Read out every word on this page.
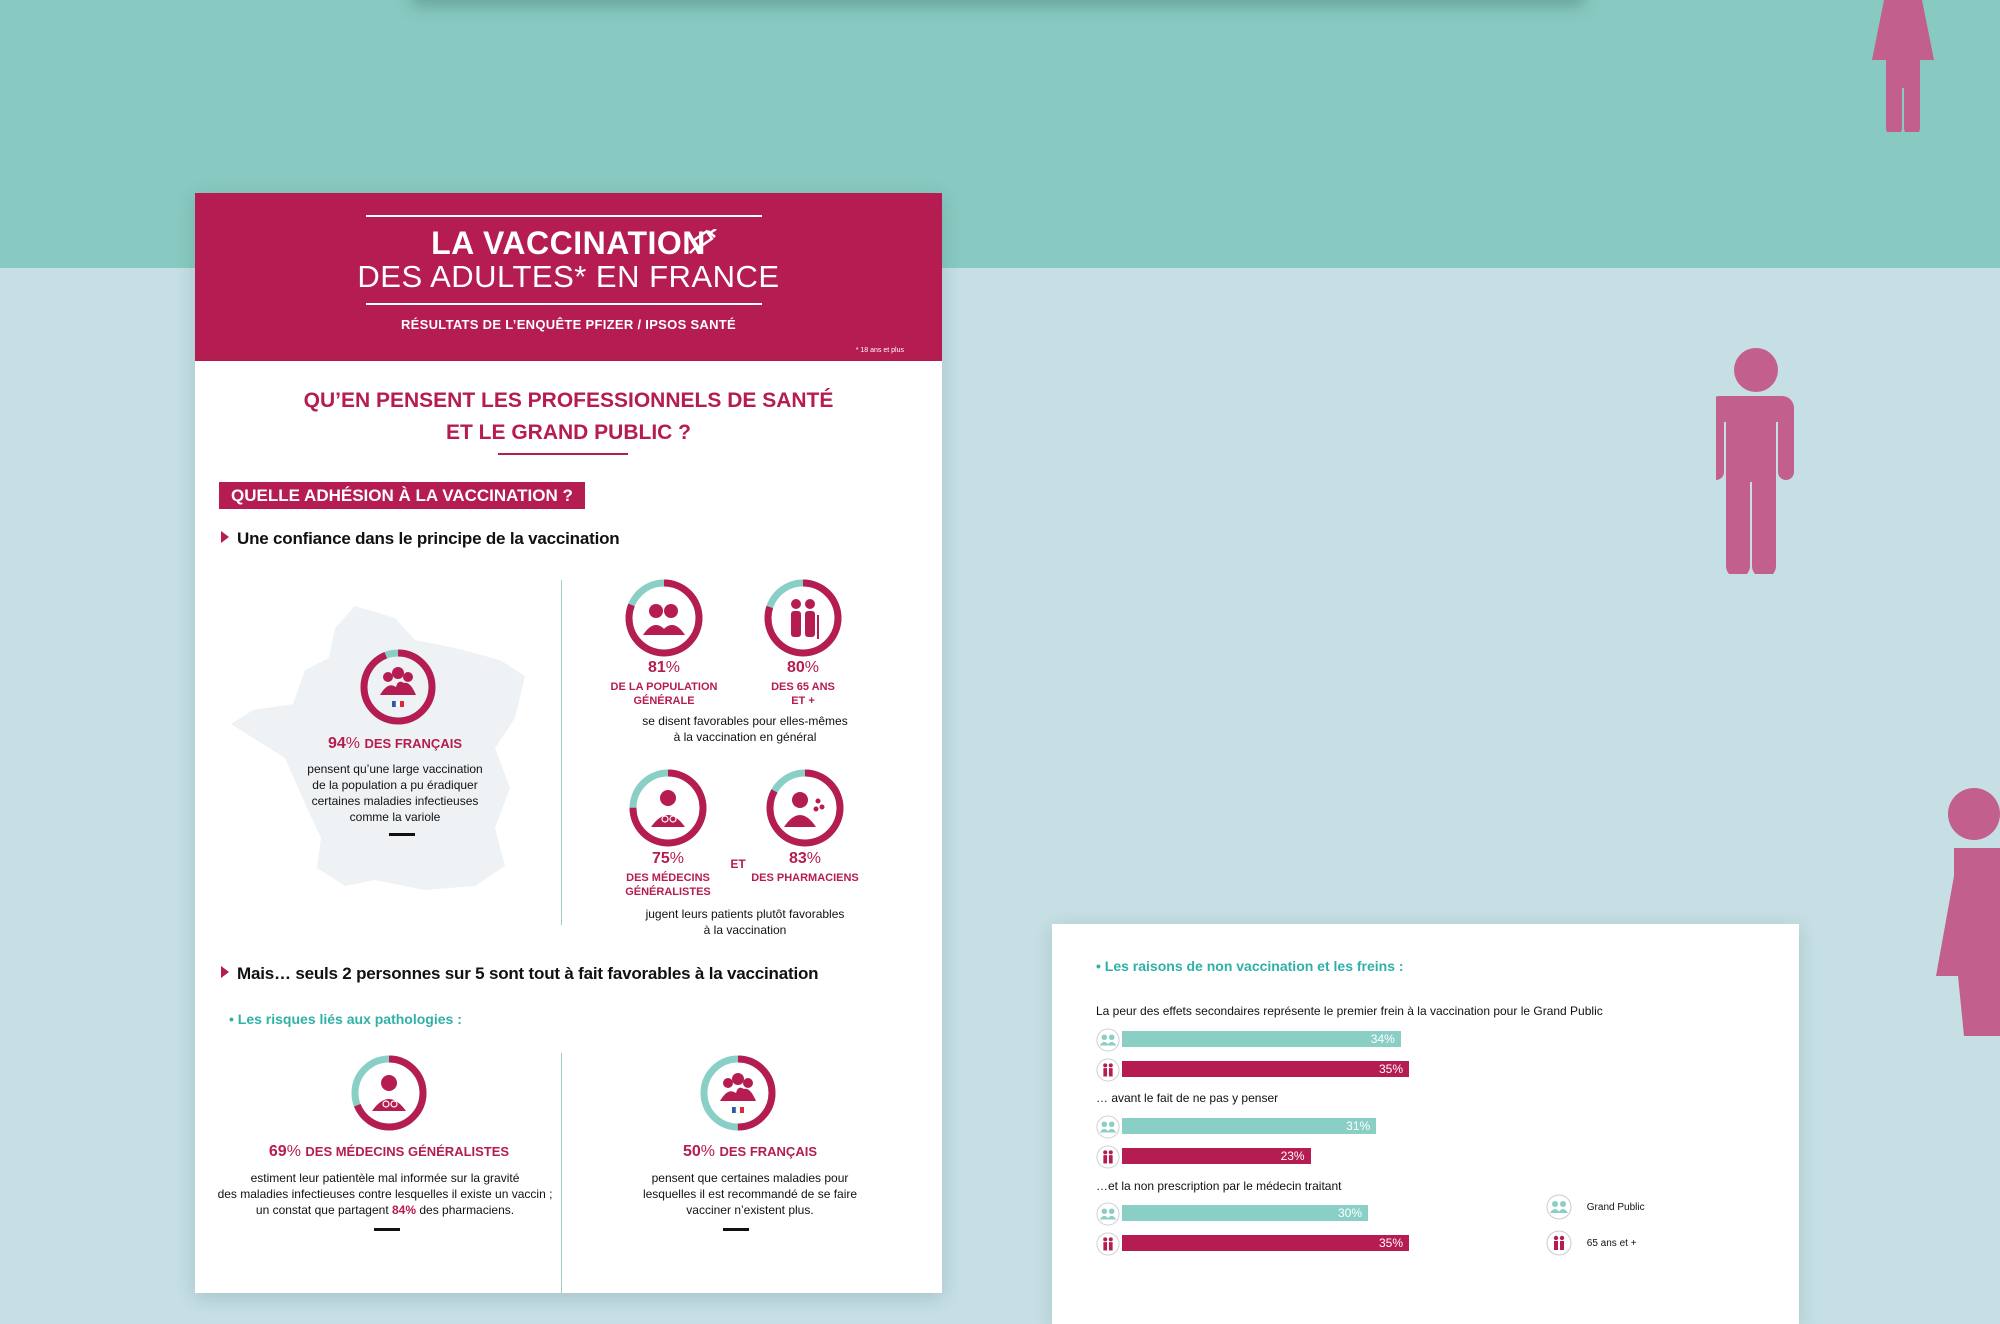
LA VACCINATION
DES ADULTES* EN FRANCE
RÉSULTATS DE L’ENQUÊTE PFIZER / IPSOS SANTÉ
* 18 ans et plus
QU’EN PENSENT LES PROFESSIONNELS DE SANTÉ
ET LE GRAND PUBLIC ?
QUELLE ADHÉSION À LA VACCINATION ?
Une confiance dans le principe de la vaccination
94% DES FRANÇAIS
pensent qu’une large vaccination
de la population a pu éradiquer
certaines maladies infectieuses
comme la variole
81%
DE LA POPULATION
GÉNÉRALE
80%
DES 65 ANS
ET +
se disent favorables pour elles-mêmes
à la vaccination en général
75%
DES MÉDECINS
GÉNÉRALISTES
ET	83%
DES PHARMACIENS
jugent leurs patients plutôt favorables
à la vaccination
Mais… seuls 2 personnes sur 5 sont tout à fait favorables à la vaccination
• Les risques liés aux pathologies :
69% DES MÉDECINS GÉNÉRALISTES
estiment leur patientèle mal informée sur la gravité
des maladies infectieuses contre lesquelles il existe un vaccin ;
un constat que partagent 84% des pharmaciens.
50% DES FRANÇAIS
pensent que certaines maladies pour
lesquelles il est recommandé de se faire
vacciner n’existent plus.
• Les raisons de non vaccination et les freins :
La peur des effets secondaires représente le premier frein à la vaccination pour le Grand Public
… avant le fait de ne pas y penser
…et la non prescription par le médecin traitant
34%
35%
31%
23%
30%
35%
Grand Public
65 ans et +
